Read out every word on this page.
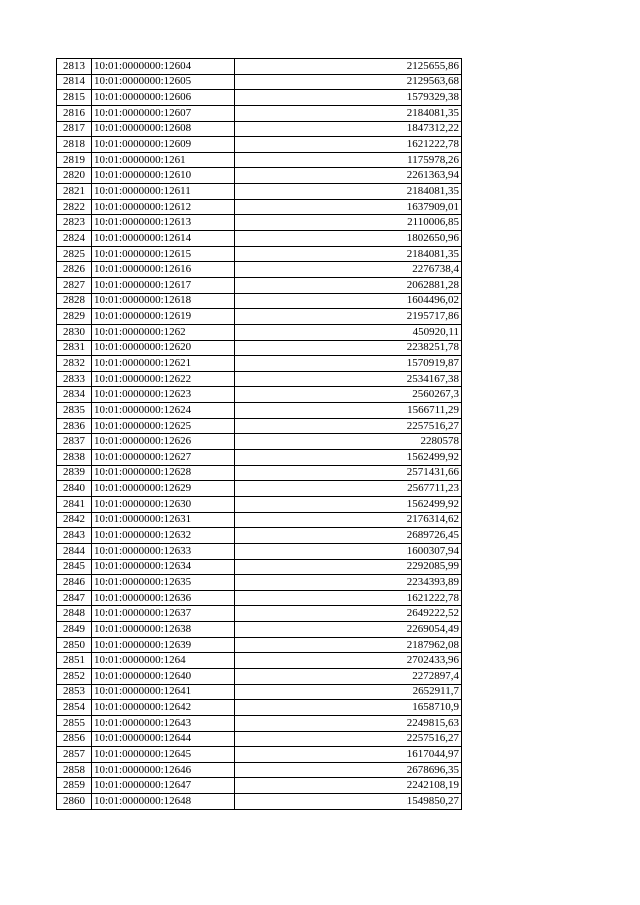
2813	10:01:0000000:12604	2125655,86
2814	10:01:0000000:12605	2129563,68
2815	10:01:0000000:12606	1579329,38
2816	10:01:0000000:12607	2184081,35
2817	10:01:0000000:12608	1847312,22
2818	10:01:0000000:12609	1621222,78
2819	10:01:0000000:1261	1175978,26
2820	10:01:0000000:12610	2261363,94
2821	10:01:0000000:12611	2184081,35
2822	10:01:0000000:12612	1637909,01
2823	10:01:0000000:12613	2110006,85
2824	10:01:0000000:12614	1802650,96
2825	10:01:0000000:12615	2184081,35
2826	10:01:0000000:12616	2276738,4
2827	10:01:0000000:12617	2062881,28
2828	10:01:0000000:12618	1604496,02
2829	10:01:0000000:12619	2195717,86
2830	10:01:0000000:1262	450920,11
2831	10:01:0000000:12620	2238251,78
2832	10:01:0000000:12621	1570919,87
2833	10:01:0000000:12622	2534167,38
2834	10:01:0000000:12623	2560267,3
2835	10:01:0000000:12624	1566711,29
2836	10:01:0000000:12625	2257516,27
2837	10:01:0000000:12626	2280578
2838	10:01:0000000:12627	1562499,92
2839	10:01:0000000:12628	2571431,66
2840	10:01:0000000:12629	2567711,23
2841	10:01:0000000:12630	1562499,92
2842	10:01:0000000:12631	2176314,62
2843	10:01:0000000:12632	2689726,45
2844	10:01:0000000:12633	1600307,94
2845	10:01:0000000:12634	2292085,99
2846	10:01:0000000:12635	2234393,89
2847	10:01:0000000:12636	1621222,78
2848	10:01:0000000:12637	2649222,52
2849	10:01:0000000:12638	2269054,49
2850	10:01:0000000:12639	2187962,08
2851	10:01:0000000:1264	2702433,96
2852	10:01:0000000:12640	2272897,4
2853	10:01:0000000:12641	2652911,7
2854	10:01:0000000:12642	1658710,9
2855	10:01:0000000:12643	2249815,63
2856	10:01:0000000:12644	2257516,27
2857	10:01:0000000:12645	1617044,97
2858	10:01:0000000:12646	2678696,35
2859	10:01:0000000:12647	2242108,19
2860	10:01:0000000:12648	1549850,27
